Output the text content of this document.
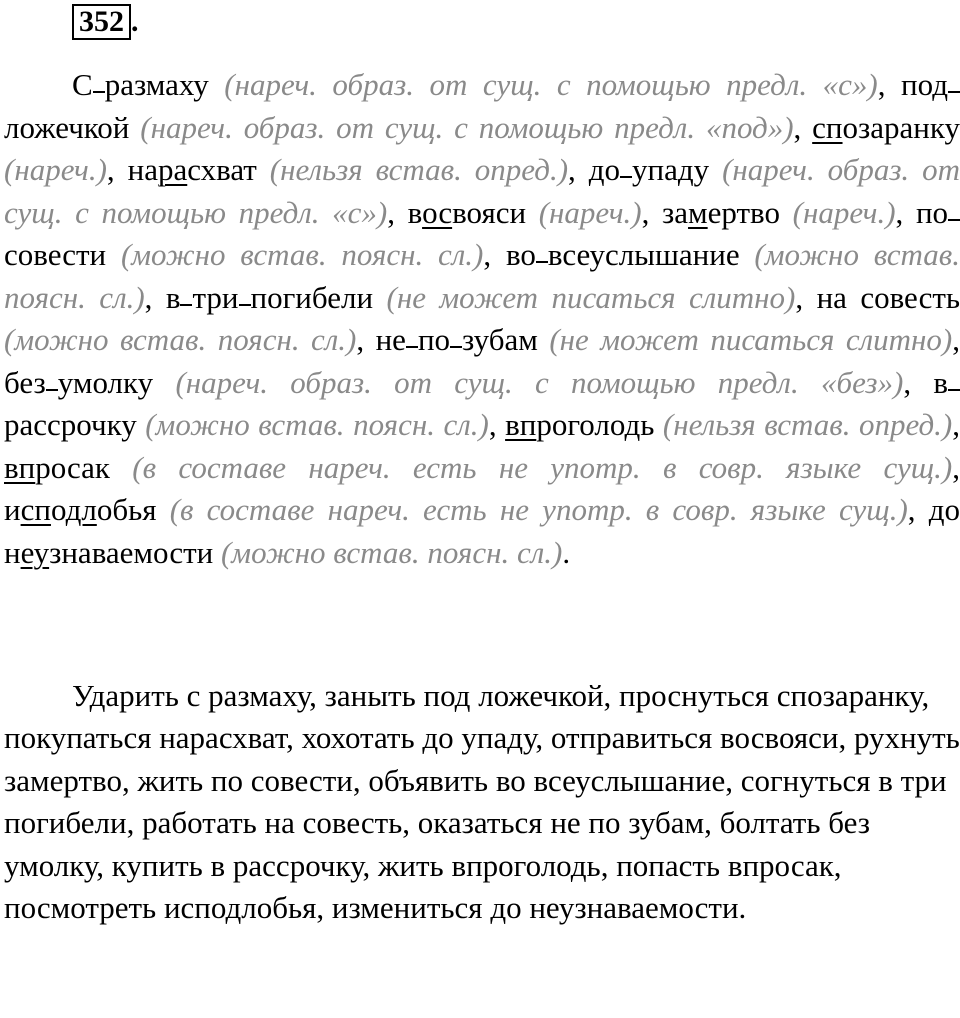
352 .
С размаху (нареч. образ. от сущ. с помощью предл. «с»), подложечкой (нареч. образ. от сущ. с помощью предл. «под»), спозаранку (нареч.), нарасхват (нельзя встав. опред.), до упаду (нареч. образ. от сущ. с помощью предл. «с»), восвояси (нареч.), замертво (нареч.), посовести (можно встав. поясн. сл.), во всеуслышание (можно встав. поясн. сл.), в три погибели (не может писаться слитно), на совесть (можно встав. поясн. сл.), не по зубам (не может писаться слитно), без умолку (нареч. образ. от сущ. с помощью предл. «без»), врассрочку (можно встав. поясн. сл.), впроголодь (нельзя встав. опред.), впросак (в составе нареч. есть не употр. в совр. языке сущ.), исподлобья (в составе нареч. есть не употр. в совр. языке сущ.), до неузнаваемости (можно встав. поясн. сл.).
Ударить с размаху, заныть под ложечкой, проснуться спозаранку, покупаться нарасхват, хохотать до упаду, отправиться восвояси, рухнуть замертво, жить по совести, объявить во всеуслышание, согнуться в три погибели, работать на совесть, оказаться не по зубам, болтать без умолку, купить в рассрочку, жить впроголодь, попасть впросак, посмотреть исподлобья, измениться до неузнаваемости.
